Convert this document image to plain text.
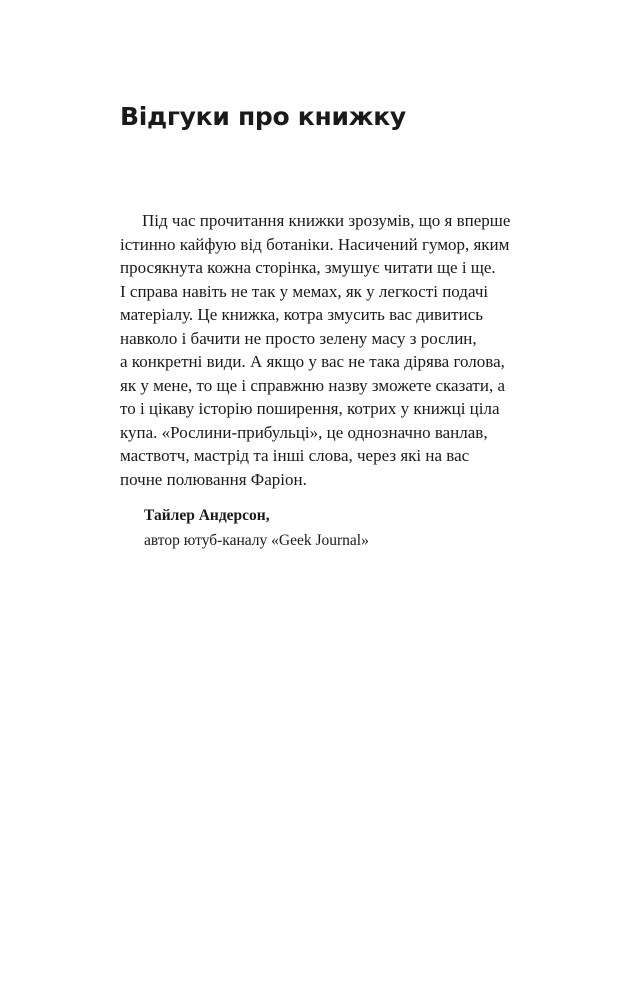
Відгуки про книжку
Під час прочитання книжки зрозумів, що я вперше
істинно кайфую від ботаніки. Насичений гумор, яким
просякнута кожна сторінка, змушує читати ще і ще.
І справа навіть не так у мемах, як у легкості подачі
матеріалу. Це книжка, котра змусить вас дивитись
навколо і бачити не просто зелену масу з рослин,
а конкретні види. А якщо у вас не така дірява голова,
як у мене, то ще і справжню назву зможете сказати, а
то і цікаву історію поширення, котрих у книжці ціла
купа. «Рослини-прибульці», це однозначно ванлав,
маствотч, мастрід та інші слова, через які на вас
почне полювання Фаріон.

Тайлер Андерсон,

автор ютуб-каналу «Geek Journal»
